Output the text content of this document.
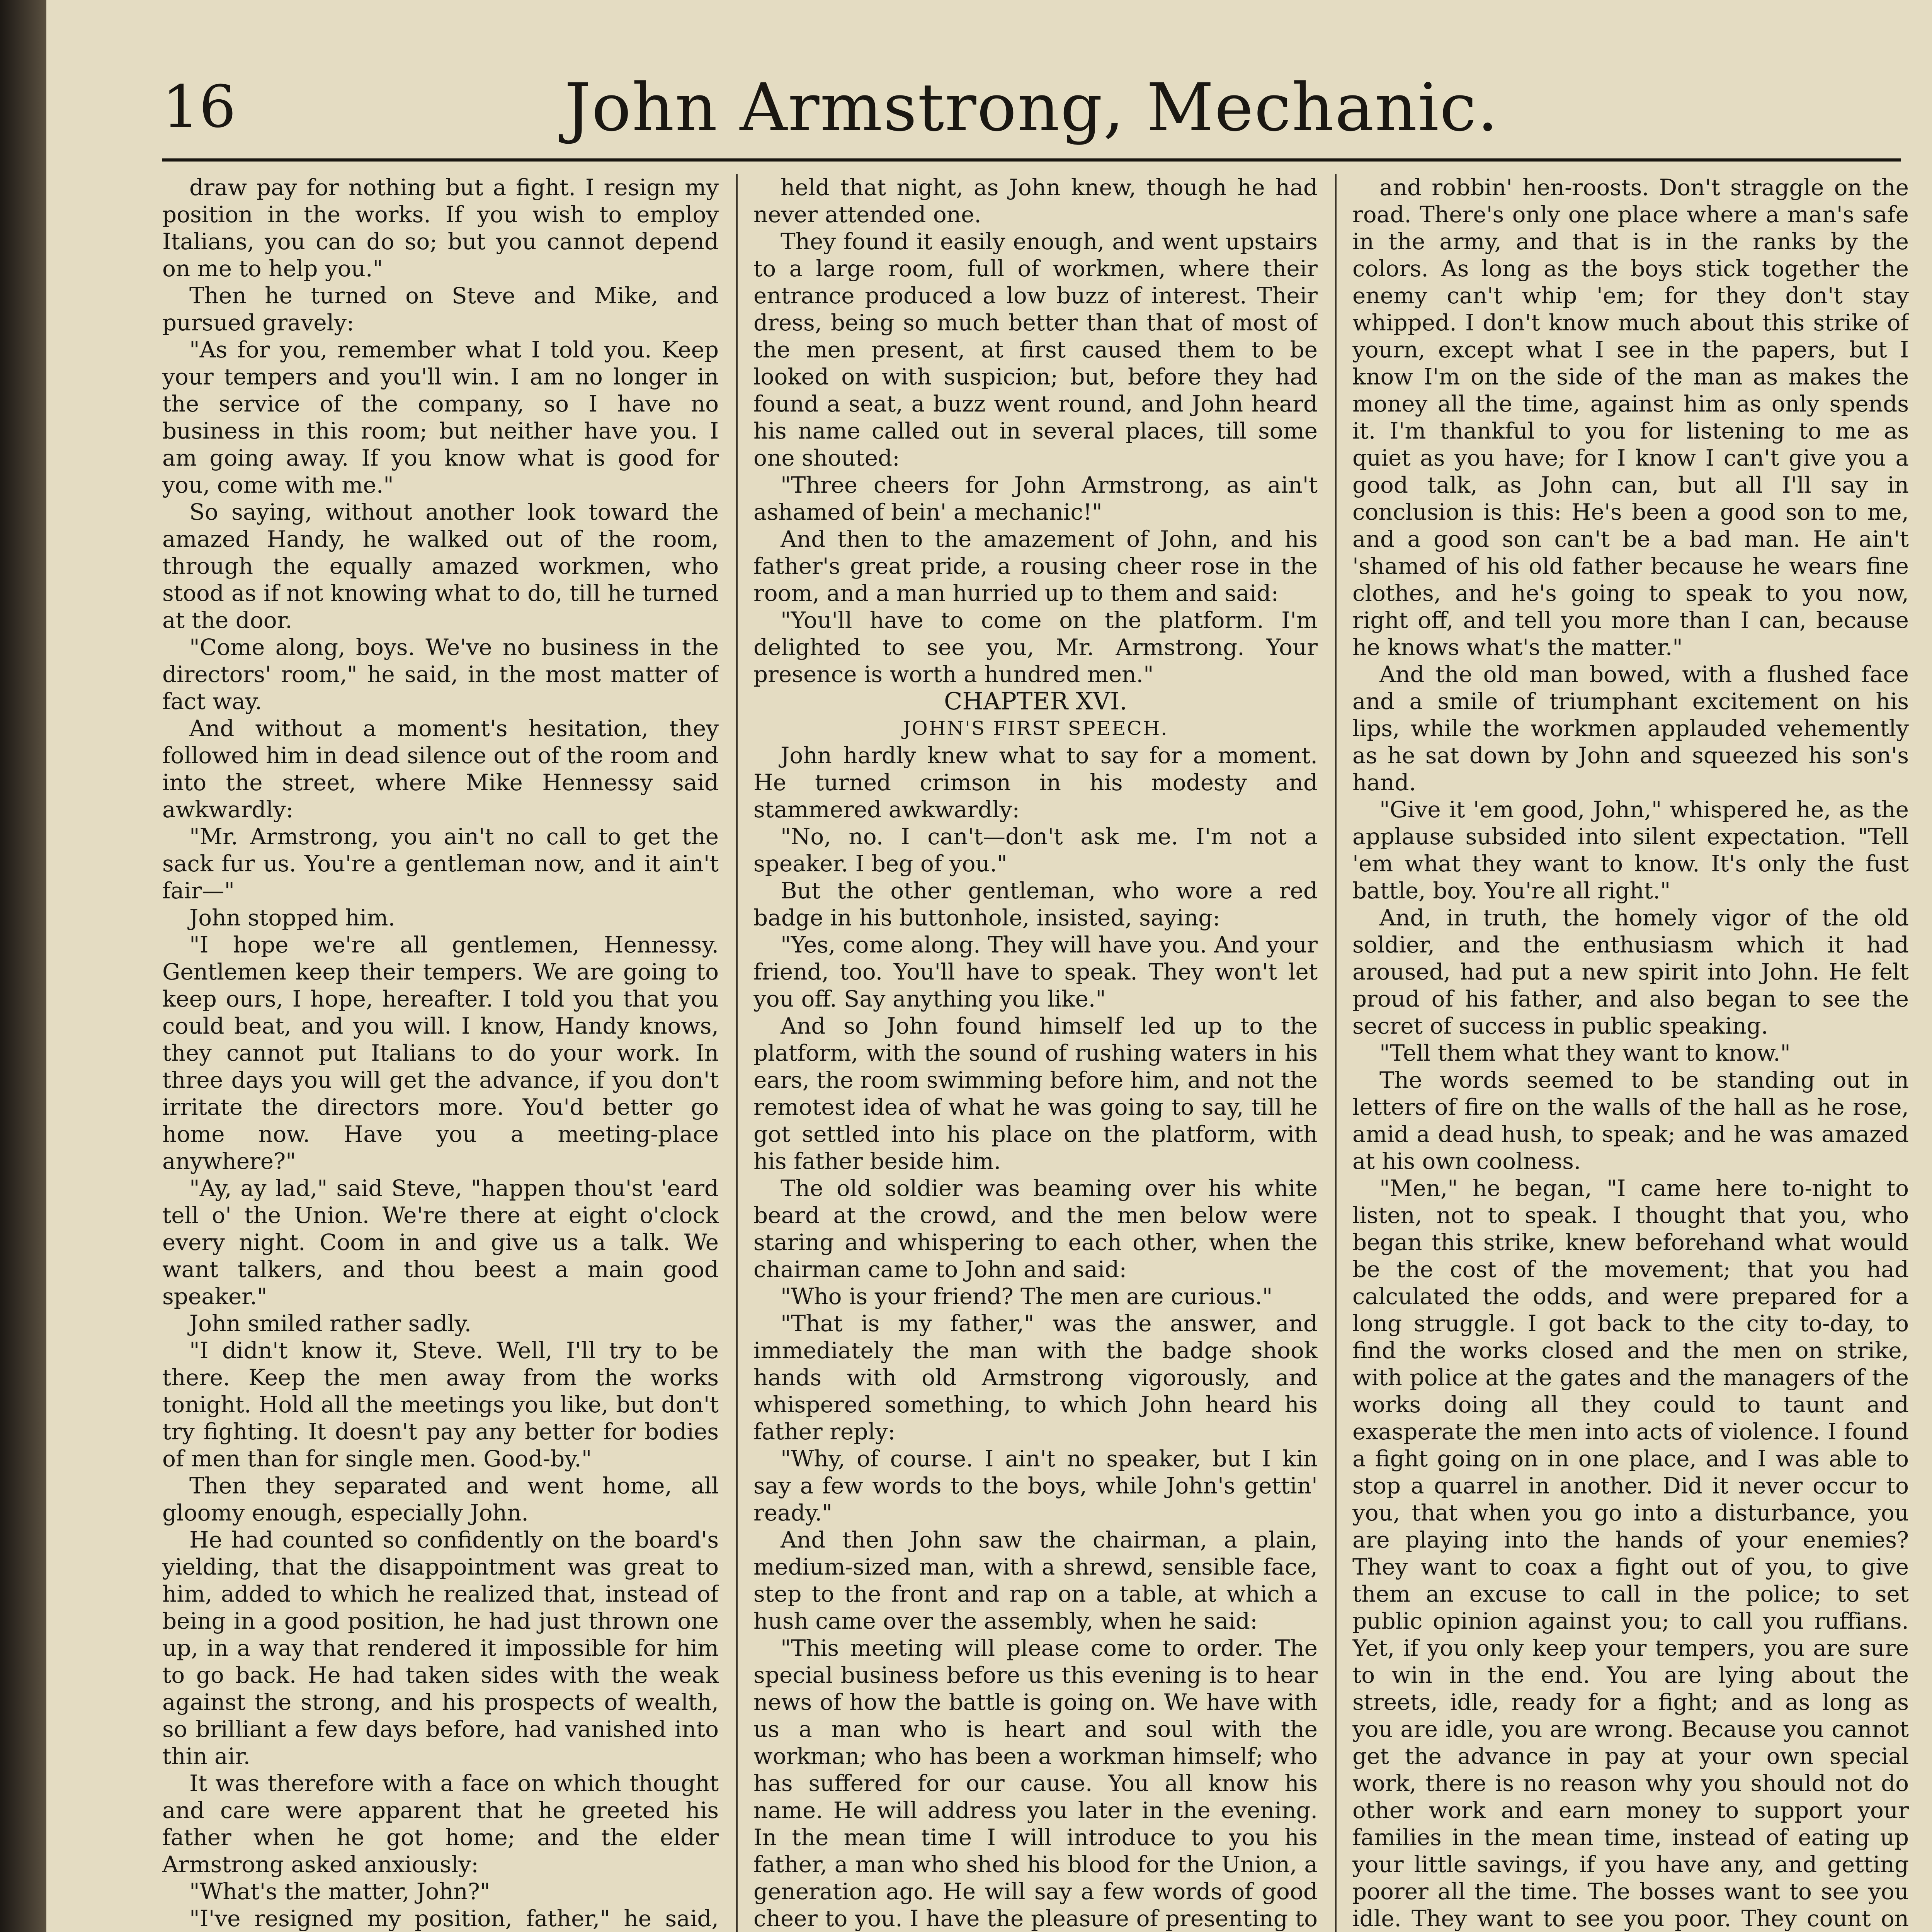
16	John Armstrong, Mechanic.

draw pay for nothing but a fight. I resign my position in the works. If you wish to employ Italians, you can do so; but you cannot depend on me to help you."

Then he turned on Steve and Mike, and pursued gravely:

"As for you, remember what I told you. Keep your tempers and you'll win. I am no longer in the service of the company, so I have no business in this room; but neither have you. I am going away. If you know what is good for you, come with me."

So saying, without another look toward the amazed Handy, he walked out of the room, through the equally amazed workmen, who stood as if not knowing what to do, till he turned at the door.

"Come along, boys. We've no business in the directors' room," he said, in the most matter of fact way.

And without a moment's hesitation, they followed him in dead silence out of the room and into the street, where Mike Hennessy said awkwardly:

"Mr. Armstrong, you ain't no call to get the sack fur us. You're a gentleman now, and it ain't fair—"

John stopped him.

"I hope we're all gentlemen, Hennessy. Gentlemen keep their tempers. We are going to keep ours, I hope, hereafter. I told you that you could beat, and you will. I know, Handy knows, they cannot put Italians to do your work. In three days you will get the advance, if you don't irritate the directors more. You'd better go home now. Have you a meeting-place anywhere?"

"Ay, ay lad," said Steve, "happen thou'st 'eard tell o' the Union. We're there at eight o'clock every night. Coom in and give us a talk. We want talkers, and thou beest a main good speaker."

John smiled rather sadly.

"I didn't know it, Steve. Well, I'll try to be there. Keep the men away from the works tonight. Hold all the meetings you like, but don't try fighting. It doesn't pay any better for bodies of men than for single men. Good-by."

Then they separated and went home, all gloomy enough, especially John.

He had counted so confidently on the board's yielding, that the disappointment was great to him, added to which he realized that, instead of being in a good position, he had just thrown one up, in a way that rendered it impossible for him to go back. He had taken sides with the weak against the strong, and his prospects of wealth, so brilliant a few days before, had vanished into thin air.

It was therefore with a face on which thought and care were apparent that he greeted his father when he got home; and the elder Armstrong asked anxiously:

"What's the matter, John?"

"I've resigned my position, father," he said,

held that night, as John knew, though he had never attended one.

They found it easily enough, and went upstairs to a large room, full of workmen, where their entrance produced a low buzz of interest. Their dress, being so much better than that of most of the men present, at first caused them to be looked on with suspicion; but, before they had found a seat, a buzz went round, and John heard his name called out in several places, till some one shouted:

"Three cheers for John Armstrong, as ain't ashamed of bein' a mechanic!"

And then to the amazement of John, and his father's great pride, a rousing cheer rose in the room, and a man hurried up to them and said:

"You'll have to come on the platform. I'm delighted to see you, Mr. Armstrong. Your presence is worth a hundred men."

CHAPTER XVI.

JOHN'S FIRST SPEECH.

John hardly knew what to say for a moment. He turned crimson in his modesty and stammered awkwardly:

"No, no. I can't—don't ask me. I'm not a speaker. I beg of you."

But the other gentleman, who wore a red badge in his buttonhole, insisted, saying:

"Yes, come along. They will have you. And your friend, too. You'll have to speak. They won't let you off. Say anything you like."

And so John found himself led up to the platform, with the sound of rushing waters in his ears, the room swimming before him, and not the remotest idea of what he was going to say, till he got settled into his place on the platform, with his father beside him.

The old soldier was beaming over his white beard at the crowd, and the men below were staring and whispering to each other, when the chairman came to John and said:

"Who is your friend? The men are curious."

"That is my father," was the answer, and immediately the man with the badge shook hands with old Armstrong vigorously, and whispered something, to which John heard his father reply:

"Why, of course. I ain't no speaker, but I kin say a few words to the boys, while John's gettin' ready."

And then John saw the chairman, a plain, medium-sized man, with a shrewd, sensible face, step to the front and rap on a table, at which a hush came over the assembly, when he said:

"This meeting will please come to order. The special business before us this evening is to hear news of how the battle is going on. We have with us a man who is heart and soul with the workman; who has been a workman himself; who has suffered for our cause. You all know his name. He will address you later in the evening. In the mean time I will introduce to you his father, a man who shed his blood for the Union, a generation ago. He will say a few words of good cheer to you. I have the pleasure of presenting to

and robbin' hen-roosts. Don't straggle on the road. There's only one place where a man's safe in the army, and that is in the ranks by the colors. As long as the boys stick together the enemy can't whip 'em; for they don't stay whipped. I don't know much about this strike of yourn, except what I see in the papers, but I know I'm on the side of the man as makes the money all the time, against him as only spends it. I'm thankful to you for listening to me as quiet as you have; for I know I can't give you a good talk, as John can, but all I'll say in conclusion is this: He's been a good son to me, and a good son can't be a bad man. He ain't 'shamed of his old father because he wears fine clothes, and he's going to speak to you now, right off, and tell you more than I can, because he knows what's the matter."

And the old man bowed, with a flushed face and a smile of triumphant excitement on his lips, while the workmen applauded vehemently as he sat down by John and squeezed his son's hand.

"Give it 'em good, John," whispered he, as the applause subsided into silent expectation. "Tell 'em what they want to know. It's only the fust battle, boy. You're all right."

And, in truth, the homely vigor of the old soldier, and the enthusiasm which it had aroused, had put a new spirit into John. He felt proud of his father, and also began to see the secret of success in public speaking.

"Tell them what they want to know."

The words seemed to be standing out in letters of fire on the walls of the hall as he rose, amid a dead hush, to speak; and he was amazed at his own coolness.

"Men," he began, "I came here to-night to listen, not to speak. I thought that you, who began this strike, knew beforehand what would be the cost of the movement; that you had calculated the odds, and were prepared for a long struggle. I got back to the city to-day, to find the works closed and the men on strike, with police at the gates and the managers of the works doing all they could to taunt and exasperate the men into acts of violence. I found a fight going on in one place, and I was able to stop a quarrel in another. Did it never occur to you, that when you go into a disturbance, you are playing into the hands of your enemies? They want to coax a fight out of you, to give them an excuse to call in the police; to set public opinion against you; to call you ruffians. Yet, if you only keep your tempers, you are sure to win in the end. You are lying about the streets, idle, ready for a fight; and as long as you are idle, you are wrong. Because you cannot get the advance in pay at your own special work, there is no reason why you should not do other work and earn money to support your families in the mean time, instead of eating up your little savings, if you have any, and getting poorer all the time. The bosses want to see you idle. They want to see you poor. They count on
